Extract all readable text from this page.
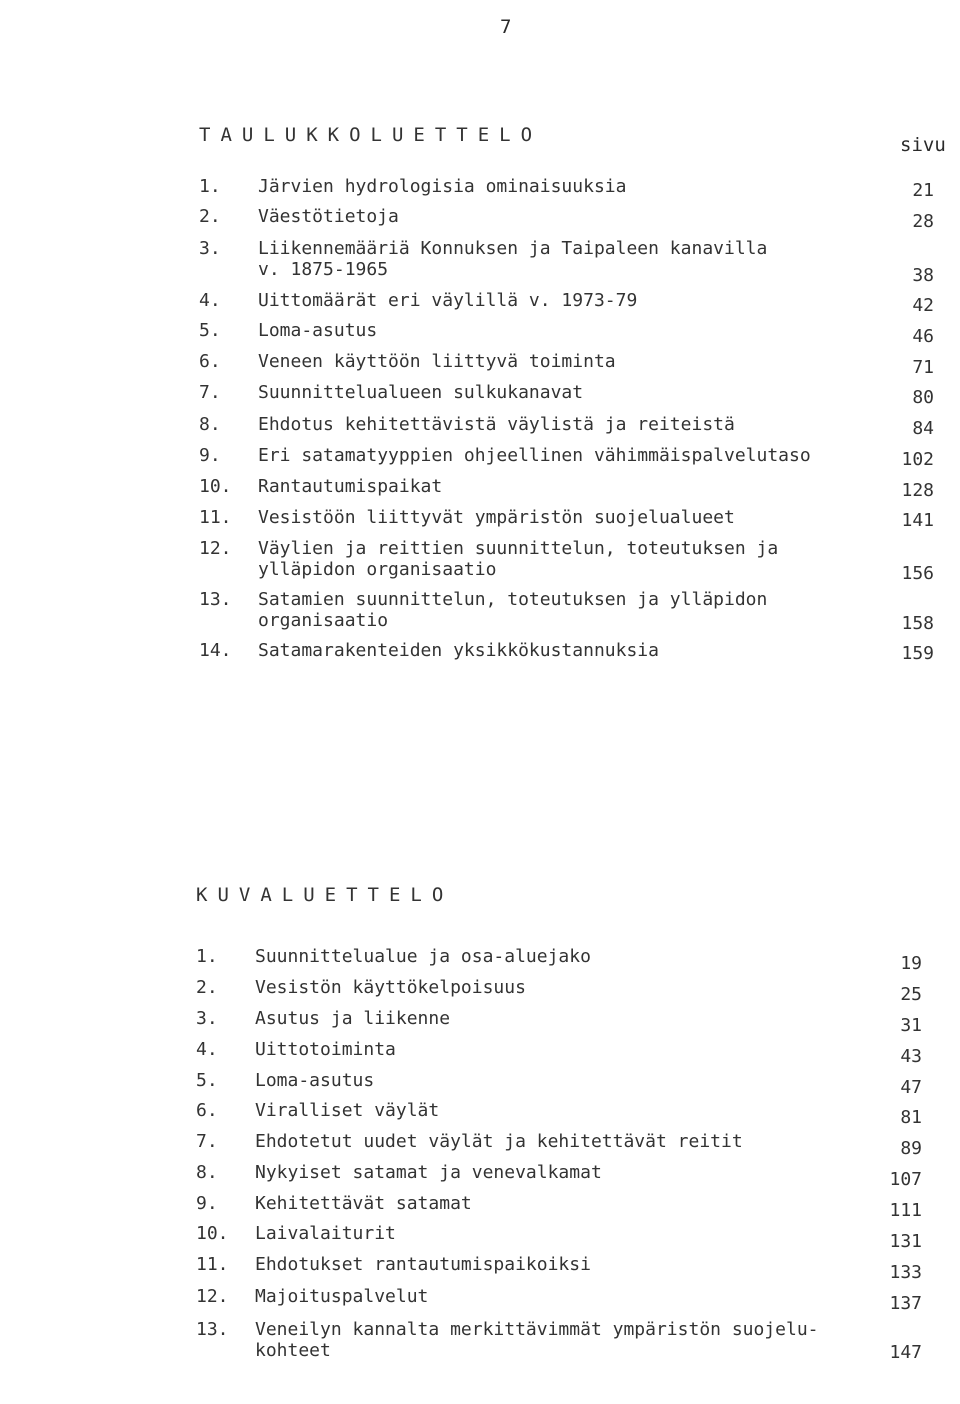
7
TAULUKKOLUETTELO	sivu
1.	Järvien hydrologisia ominaisuuksia	21
2.	Väestötietoja	28
3.	Liikennemääriä Konnuksen ja Taipaleen kanavilla
v. 1875-1965	38
4.	Uittomäärät eri väylillä v. 1973-79	42
5.	Loma-asutus	46
6.	Veneen käyttöön liittyvä toiminta	71
7.	Suunnittelualueen sulkukanavat	80
8.	Ehdotus kehitettävistä väylistä ja reiteistä	84
9.	Eri satamatyyppien ohjeellinen vähimmäispalvelutaso	102
10.	Rantautumispaikat	128
11.	Vesistöön liittyvät ympäristön suojelualueet	141
12.	Väylien ja reittien suunnittelun, toteutuksen ja
ylläpidon organisaatio	156
13.	Satamien suunnittelun, toteutuksen ja ylläpidon
organisaatio	158
14.	Satamarakenteiden yksikkökustannuksia	159
KUVALUETTELO
1.	Suunnittelualue ja osa-aluejako	19
2.	Vesistön käyttökelpoisuus	25
3.	Asutus ja liikenne	31
4.	Uittotoiminta	43
5.	Loma-asutus	47
6.	Viralliset väylät	81
7.	Ehdotetut uudet väylät ja kehitettävät reitit	89
8.	Nykyiset satamat ja venevalkamat	107
9.	Kehitettävät satamat	111
10.	Laivalaiturit	131
11.	Ehdotukset rantautumispaikoiksi	133
12.	Majoituspalvelut	137
13.	Veneilyn kannalta merkittävimmät ympäristön suojelu-
kohteet	147
